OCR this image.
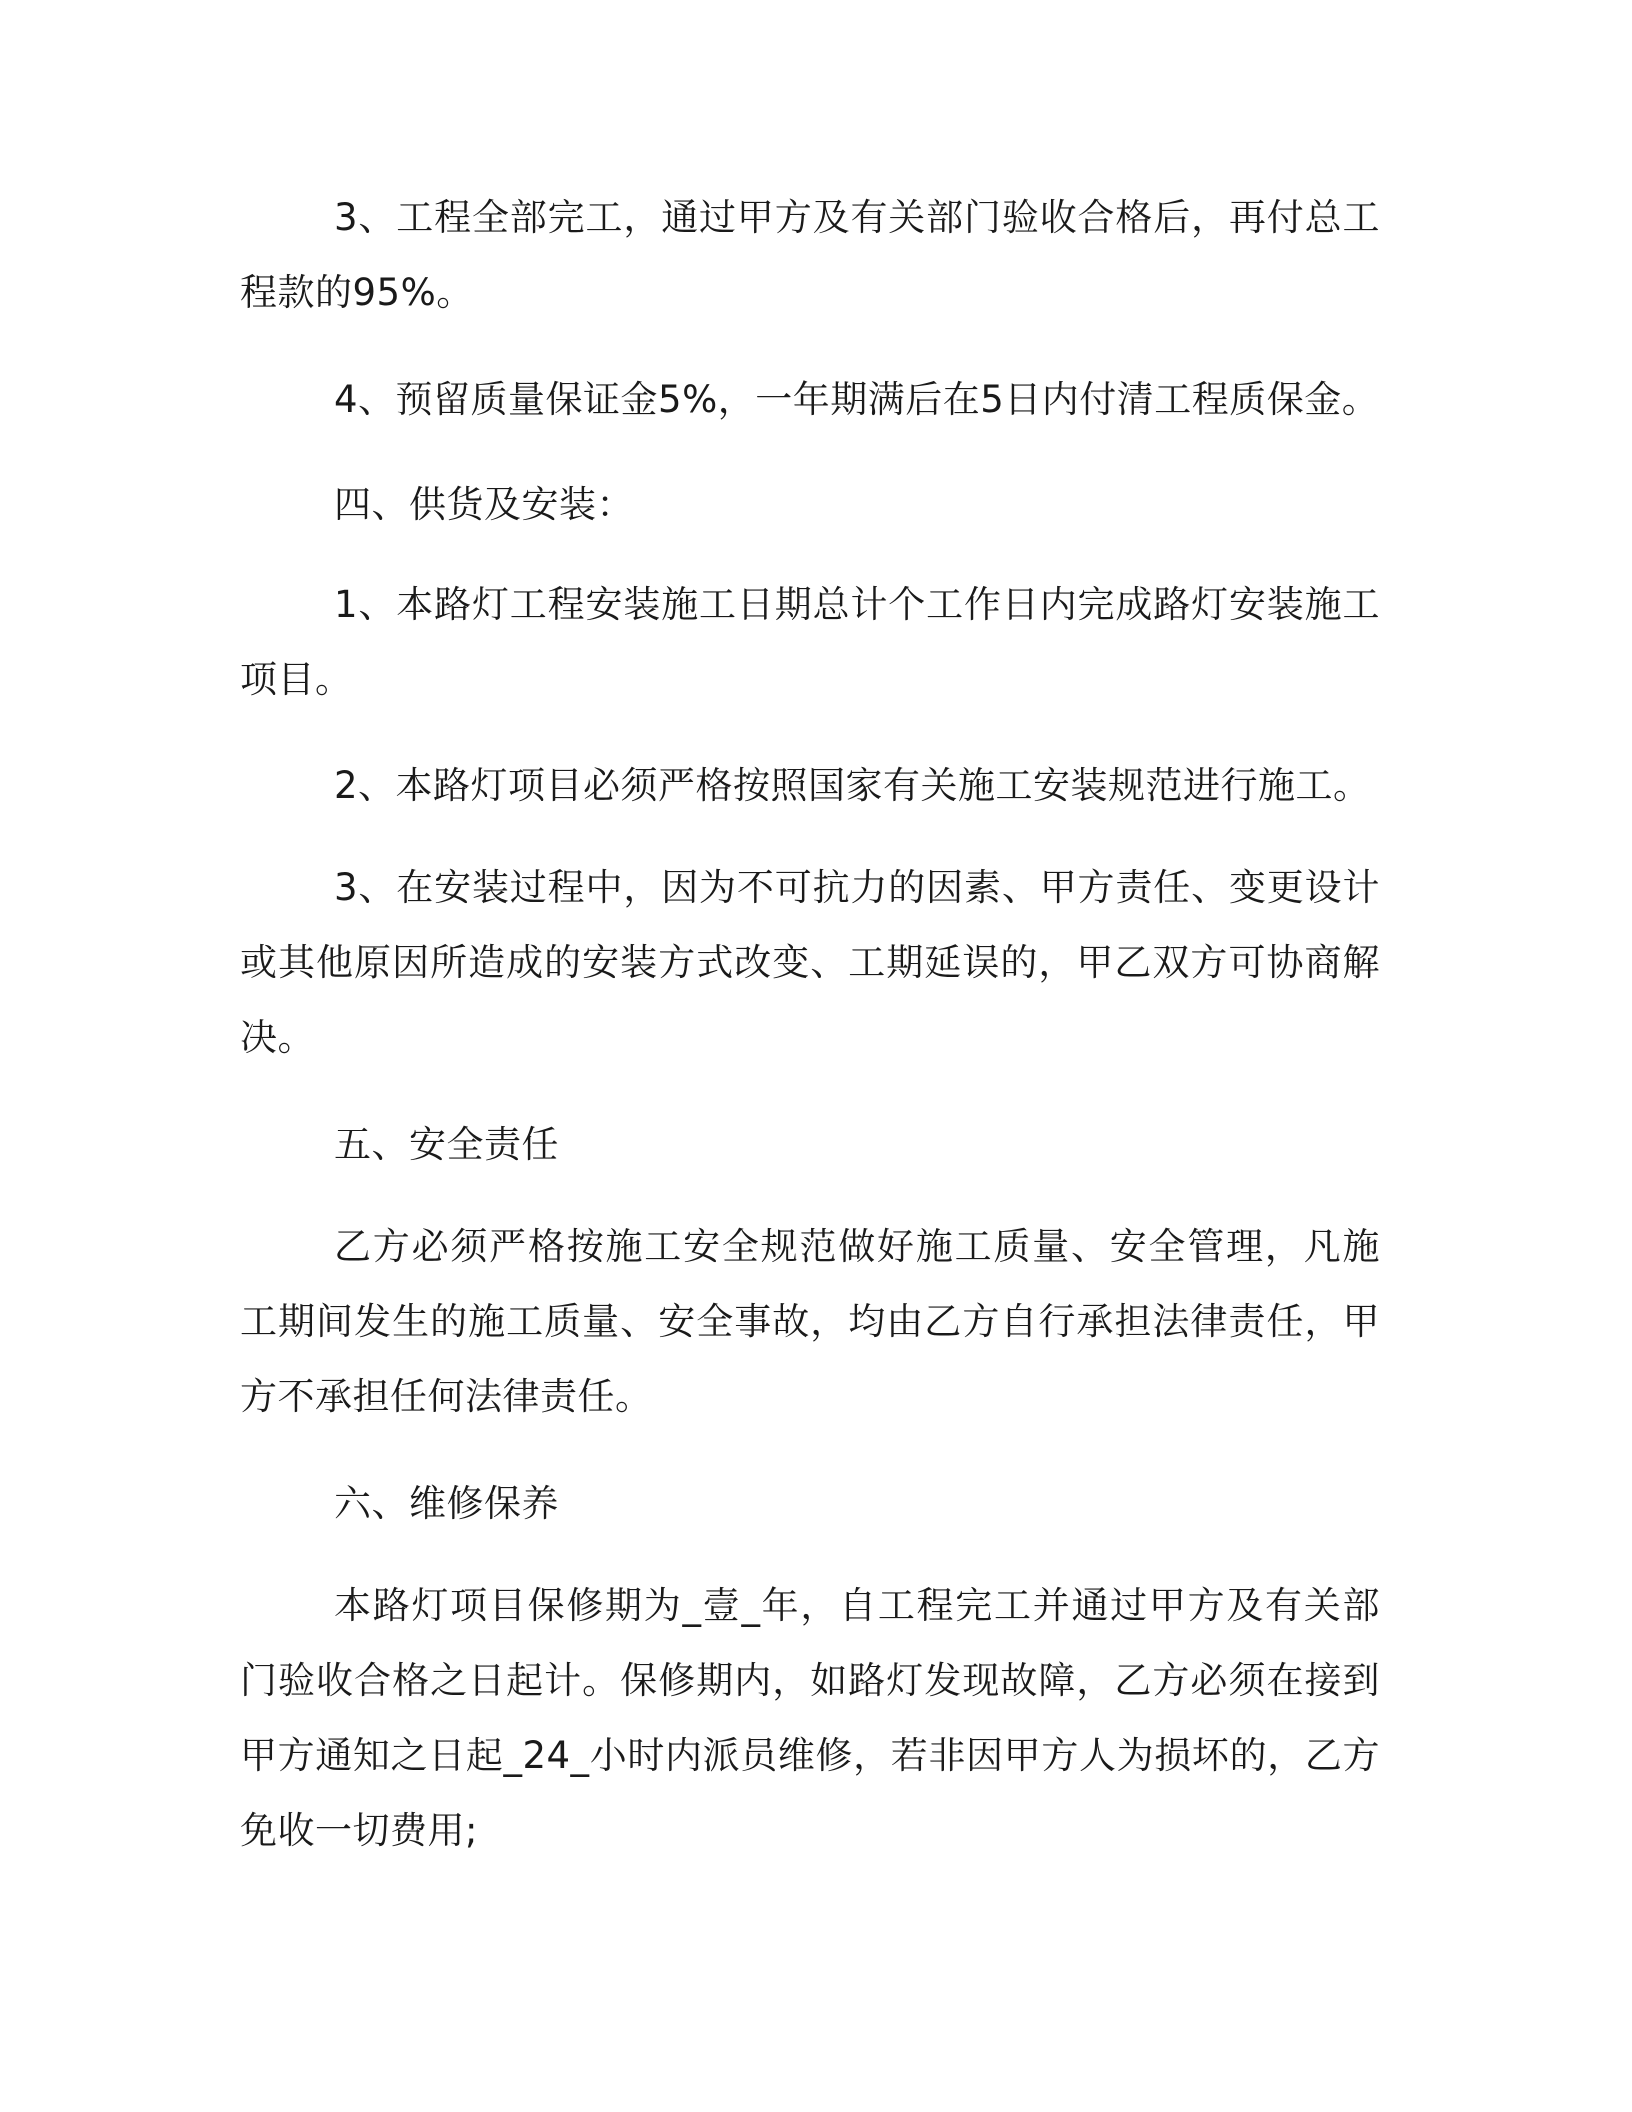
3、工程全部完工，通过甲方及有关部门验收合格后，再付总工程款的95%。

4、预留质量保证金5%，一年期满后在5日内付清工程质保金。

四、供货及安装：

1、本路灯工程安装施工日期总计个工作日内完成路灯安装施工项目。

2、本路灯项目必须严格按照国家有关施工安装规范进行施工。

3、在安装过程中，因为不可抗力的因素、甲方责任、变更设计或其他原因所造成的安装方式改变、工期延误的，甲乙双方可协商解决。

五、安全责任

乙方必须严格按施工安全规范做好施工质量、安全管理，凡施工期间发生的施工质量、安全事故，均由乙方自行承担法律责任，甲方不承担任何法律责任。

六、维修保养

本路灯项目保修期为_壹_年，自工程完工并通过甲方及有关部门验收合格之日起计。保修期内，如路灯发现故障，乙方必须在接到甲方通知之日起_24_小时内派员维修，若非因甲方人为损坏的，乙方免收一切费用;
